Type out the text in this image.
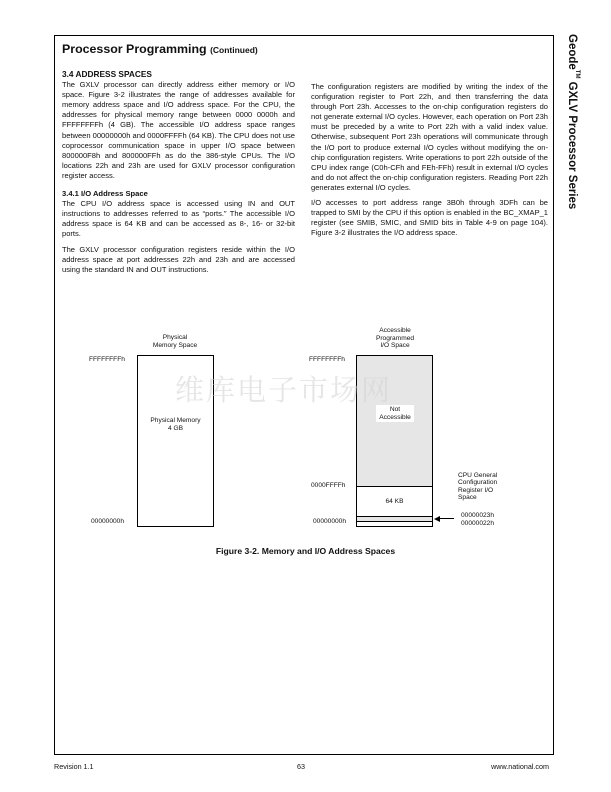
Processor Programming (Continued)	Geode™ GXLV Processor Series
3.4 ADDRESS SPACES

The GXLV processor can directly address either memory or I/O space. Figure 3-2 illustrates the range of addresses available for memory address space and I/O address space. For the CPU, the addresses for physical memory range between 0000 0000h and FFFFFFFFh (4 GB). The accessible I/O address space ranges between 00000000h and 0000FFFFh (64 KB). The CPU does not use coprocessor communication space in upper I/O space between 800000F8h and 800000FFh as do the 386-style CPUs. The I/O locations 22h and 23h are used for GXLV processor configuration register access.

3.4.1 I/O Address Space

The CPU I/O address space is accessed using IN and OUT instructions to addresses referred to as “ports.” The accessible I/O address space is 64 KB and can be accessed as 8-, 16- or 32-bit ports.

The GXLV processor configuration registers reside within the I/O address space at port addresses 22h and 23h and are accessed using the standard IN and OUT instructions.

The configuration registers are modified by writing the index of the configuration register to Port 22h, and then transferring the data through Port 23h. Accesses to the on-chip configuration registers do not generate external I/O cycles. However, each operation on Port 23h must be preceded by a write to Port 22h with a valid index value. Otherwise, subsequent Port 23h operations will communicate through the I/O port to produce external I/O cycles without modifying the on-chip configuration registers. Write operations to port 22h outside of the CPU index range (C0h-CFh and FEh-FFh) result in external I/O cycles and do not affect the on-chip configuration registers. Reading Port 22h generates external I/O cycles.

I/O accesses to port address range 3B0h through 3DFh can be trapped to SMI by the CPU if this option is enabled in the BC_XMAP_1 register (see SMIB, SMIC, and SMID bits in Table 4-9 on page 104). Figure 3-2 illustrates the I/O address space.

Physical
Memory Space
FFFFFFFFh
00000000h
Physical Memory
4 GB
Accessible
Programmed
I/O Space
FFFFFFFFh
0000FFFFh
00000000h
Not
Accessible
64 KB
CPU General
Configuration
Register I/O
Space
00000023h
00000022h
维库电子市场网
Figure 3-2. Memory and I/O Address Spaces
Revision 1.1	63	www.national.com
